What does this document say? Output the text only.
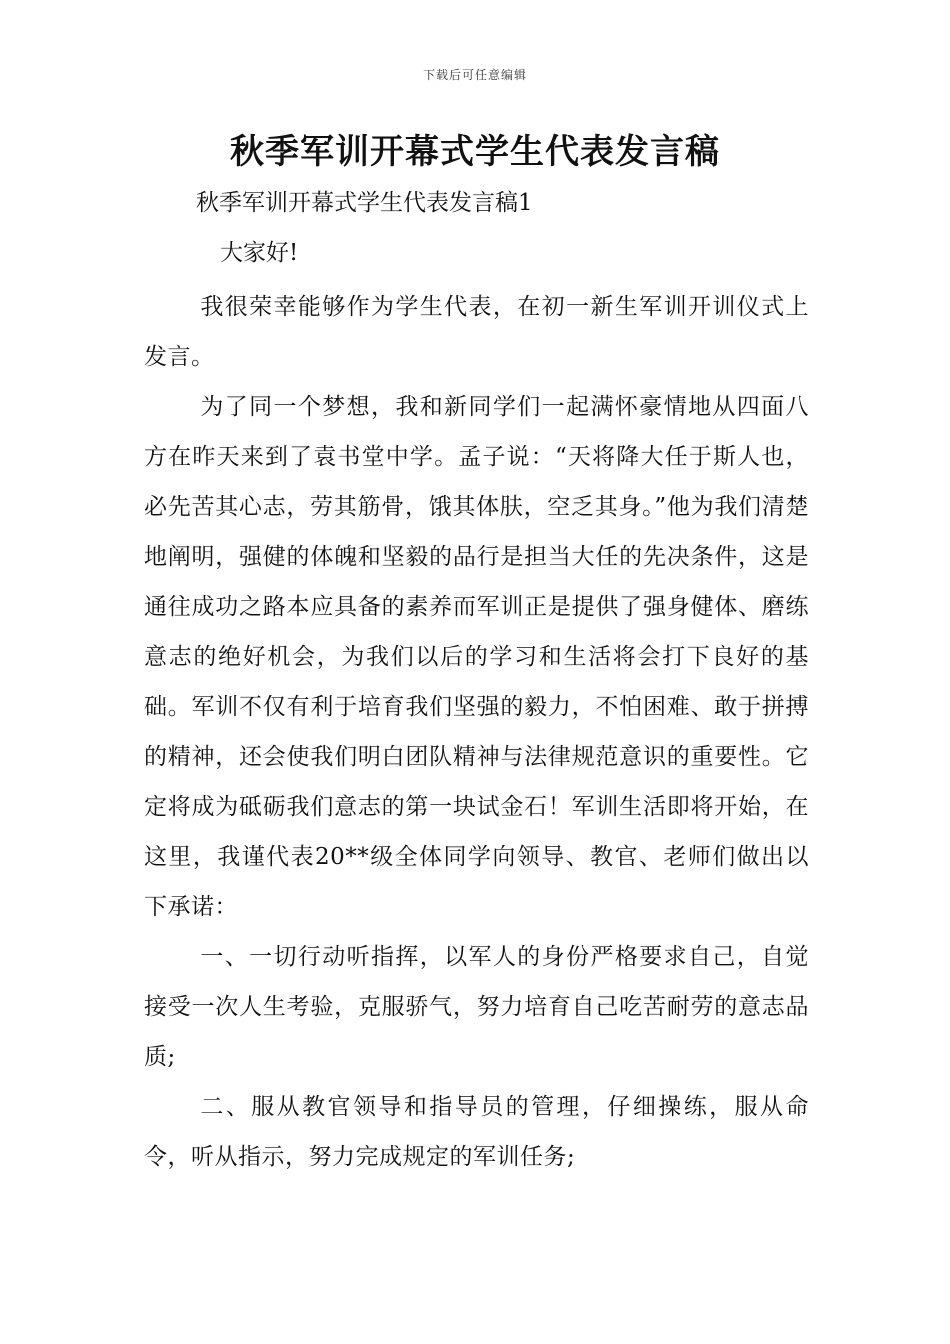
下载后可任意编辑
秋季军训开幕式学生代表发言稿

秋季军训开幕式学生代表发言稿1

大家好!

我很荣幸能够作为学生代表，在初一新生军训开训仪式上发言。

为了同一个梦想，我和新同学们一起满怀豪情地从四面八方在昨天来到了袁书堂中学。孟子说：“天将降大任于斯人也，必先苦其心志，劳其筋骨，饿其体肤，空乏其身。”他为我们清楚地阐明，强健的体魄和坚毅的品行是担当大任的先决条件，这是通往成功之路本应具备的素养而军训正是提供了强身健体、磨练意志的绝好机会，为我们以后的学习和生活将会打下良好的基础。军训不仅有利于培育我们坚强的毅力，不怕困难、敢于拼搏的精神，还会使我们明白团队精神与法律规范意识的重要性。它定将成为砥砺我们意志的第一块试金石！军训生活即将开始，在这里，我谨代表20**级全体同学向领导、教官、老师们做出以下承诺：

一、一切行动听指挥，以军人的身份严格要求自己，自觉接受一次人生考验，克服骄气，努力培育自己吃苦耐劳的意志品质;

二、服从教官领导和指导员的管理，仔细操练，服从命令，听从指示，努力完成规定的军训任务;
